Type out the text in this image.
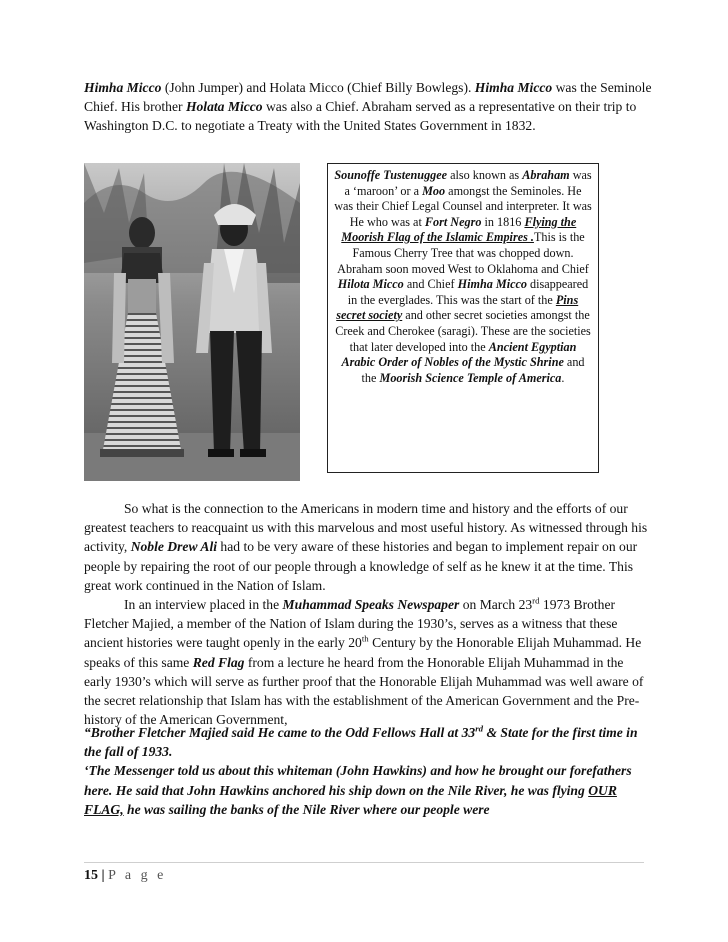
Himha Micco (John Jumper) and Holata Micco (Chief Billy Bowlegs). Himha Micco was the Seminole Chief. His brother Holata Micco was also a Chief. Abraham served as a representative on their trip to Washington D.C. to negotiate a Treaty with the United States Government in 1832.

Sounoffe Tustenuggee also known as Abraham was a ‘maroon’ or a Moo amongst the Seminoles. He was their Chief Legal Counsel and interpreter. It was He who was at Fort Negro in 1816 Flying the Moorish Flag of the Islamic Empires .This is the Famous Cherry Tree that was chopped down. Abraham soon moved West to Oklahoma and Chief Hilota Micco and Chief Himha Micco disappeared in the everglades. This was the start of the Pins secret society and other secret societies amongst the Creek and Cherokee (saragi). These are the societies that later developed into the Ancient Egyptian Arabic Order of Nobles of the Mystic Shrine and the Moorish Science Temple of America.

So what is the connection to the Americans in modern time and history and the efforts of our greatest teachers to reacquaint us with this marvelous and most useful history. As witnessed through his activity, Noble Drew Ali had to be very aware of these histories and began to implement repair on our people by repairing the root of our people through a knowledge of self as he knew it at the time. This great work continued in the Nation of Islam.
In an interview placed in the Muhammad Speaks Newspaper on March 23rd 1973 Brother Fletcher Majied, a member of the Nation of Islam during the 1930’s, serves as a witness that these ancient histories were taught openly in the early 20th Century by the Honorable Elijah Muhammad. He speaks of this same Red Flag from a lecture he heard from the Honorable Elijah Muhammad in the early 1930’s which will serve as further proof that the Honorable Elijah Muhammad was well aware of the secret relationship that Islam has with the establishment of the American Government and the Pre-history of the American Government,

“Brother Fletcher Majied said He came to the Odd Fellows Hall at 33rd & State for the first time in the fall of 1933.
‘The Messenger told us about this whiteman (John Hawkins) and how he brought our forefathers here. He said that John Hawkins anchored his ship down on the Nile River, he was flying OUR FLAG, he was sailing the banks of the Nile River where our people were

15 | P a g e
